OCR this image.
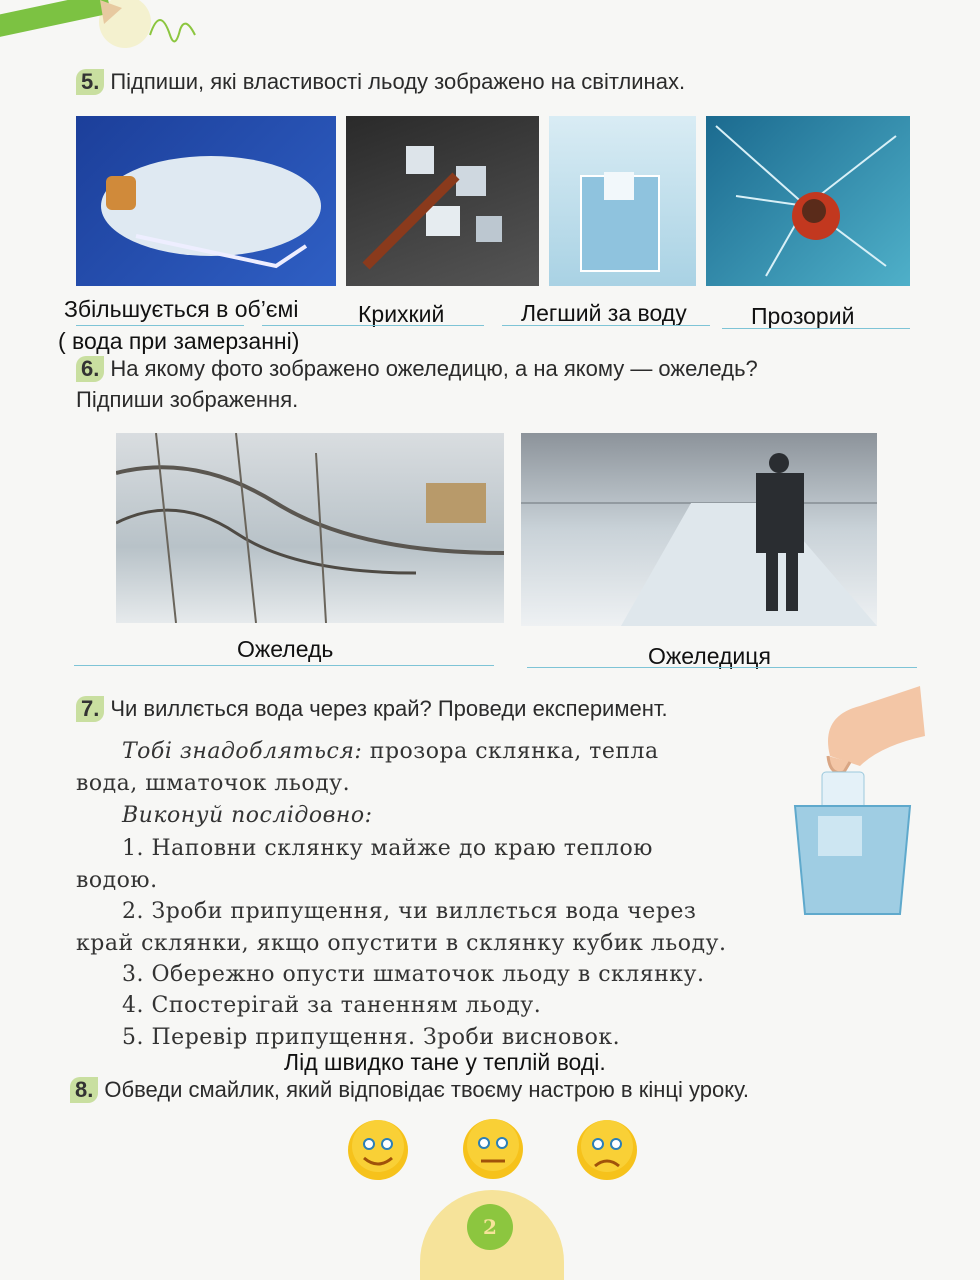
5. Підпиши, які властивості льоду зображено на світлинах.
Збільшується в об’ємі
( вода при замерзанні)
Крихкий	Легший за воду	Прозорий
6. На якому фото зображено ожеледицю, а на якому — ожеледь?
Підпиши зображення.
Ожеледь	Ожеледиця
7. Чи виллється вода через край? Проведи експеримент.
Тобі знадобляться: прозора склянка, тепла
вода, шматочок льоду.
Виконуй послідовно:
1. Наповни склянку майже до краю теплою
водою.
2. Зроби припущення, чи виллється вода через
край склянки, якщо опустити в склянку кубик льоду.
3. Обережно опусти шматочок льоду в склянку.
4. Спостерігай за таненням льоду.
5. Перевір припущення. Зроби висновок.
Лід швидко тане у теплій воді.
8. Обведи смайлик, який відповідає твоєму настрою в кінці уроку.
2
